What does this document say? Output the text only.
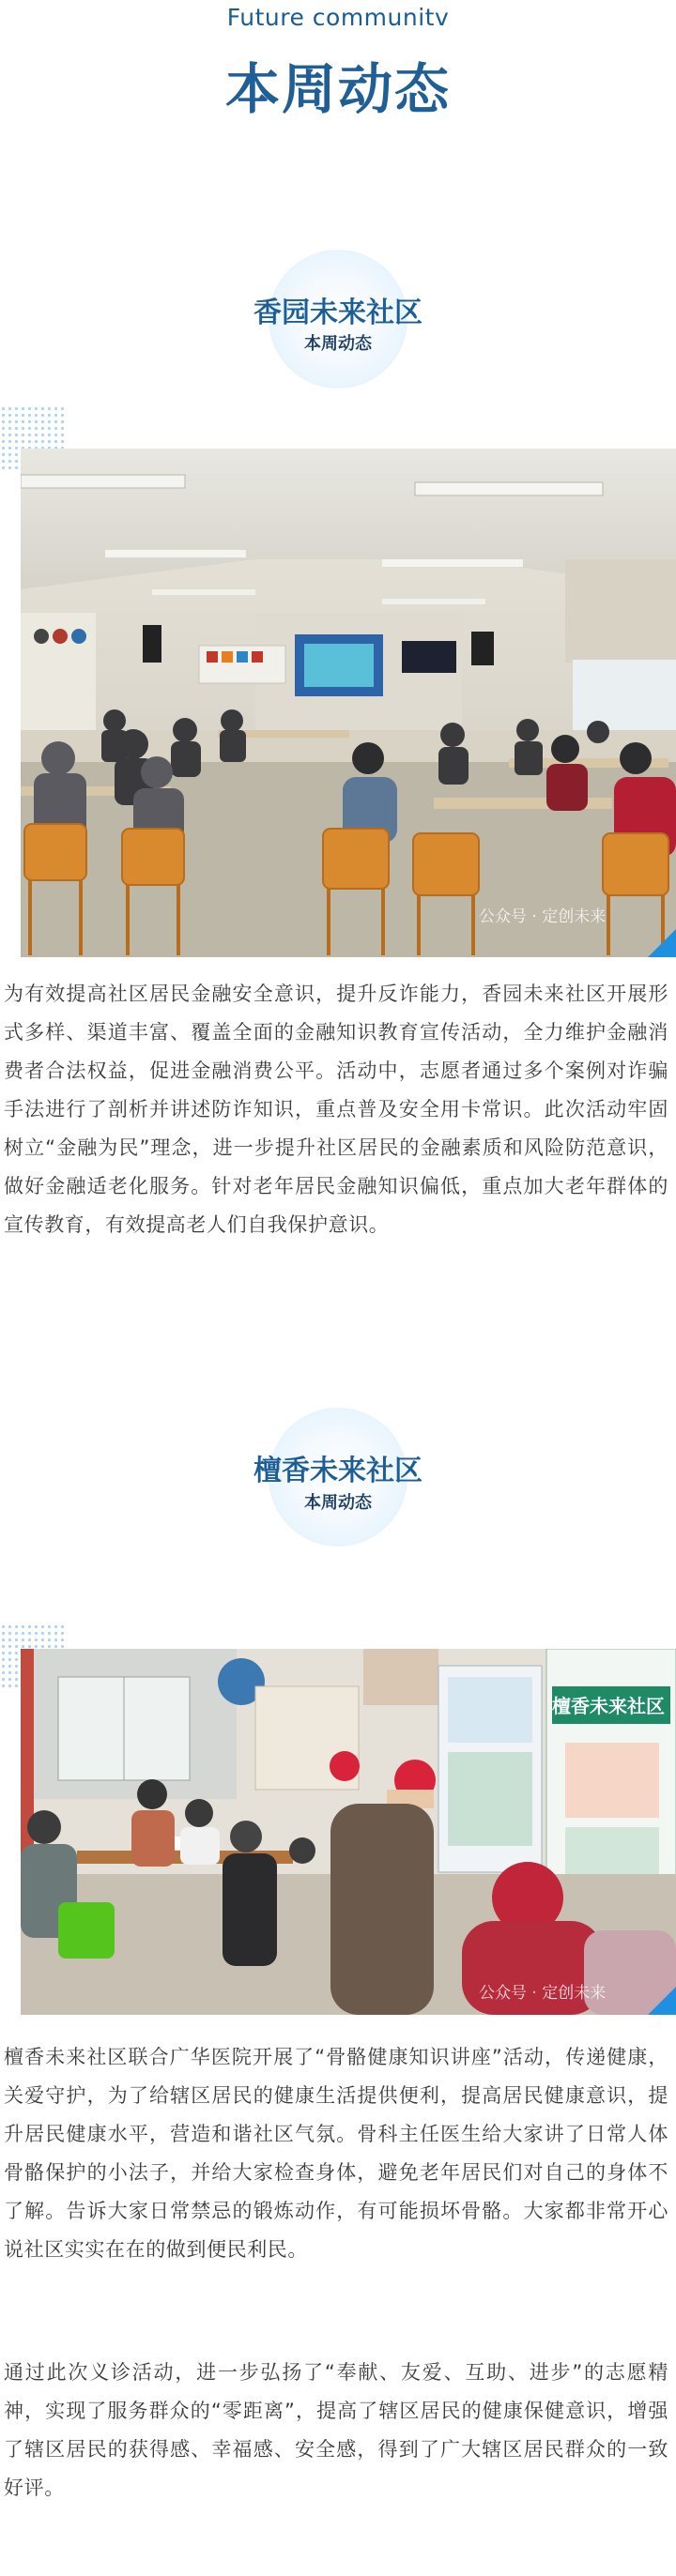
Future communitv
本周动态
香园未来社区
本周动态
公众号 · 定创未来
为有效提高社区居民金融安全意识，提升反诈能力，香园未来社区开展形式多样、渠道丰富、覆盖全面的金融知识教育宣传活动，全力维护金融消费者合法权益，促进金融消费公平。活动中，志愿者通过多个案例对诈骗手法进行了剖析并讲述防诈知识，重点普及安全用卡常识。此次活动牢固树立“金融为民”理念，进一步提升社区居民的金融素质和风险防范意识，做好金融适老化服务。针对老年居民金融知识偏低，重点加大老年群体的宣传教育，有效提高老人们自我保护意识。
檀香未来社区
本周动态
檀香未来社区
公众号 · 定创未来
檀香未来社区联合广华医院开展了“骨骼健康知识讲座”活动，传递健康，关爱守护，为了给辖区居民的健康生活提供便利，提高居民健康意识，提升居民健康水平，营造和谐社区气氛。骨科主任医生给大家讲了日常人体骨骼保护的小法子，并给大家检查身体，避免老年居民们对自己的身体不了解。告诉大家日常禁忌的锻炼动作，有可能损坏骨骼。大家都非常开心说社区实实在在的做到便民利民。
通过此次义诊活动，进一步弘扬了“奉献、友爱、互助、进步”的志愿精神，实现了服务群众的“零距离”，提高了辖区居民的健康保健意识，增强了辖区居民的获得感、幸福感、安全感，得到了广大辖区居民群众的一致好评。
